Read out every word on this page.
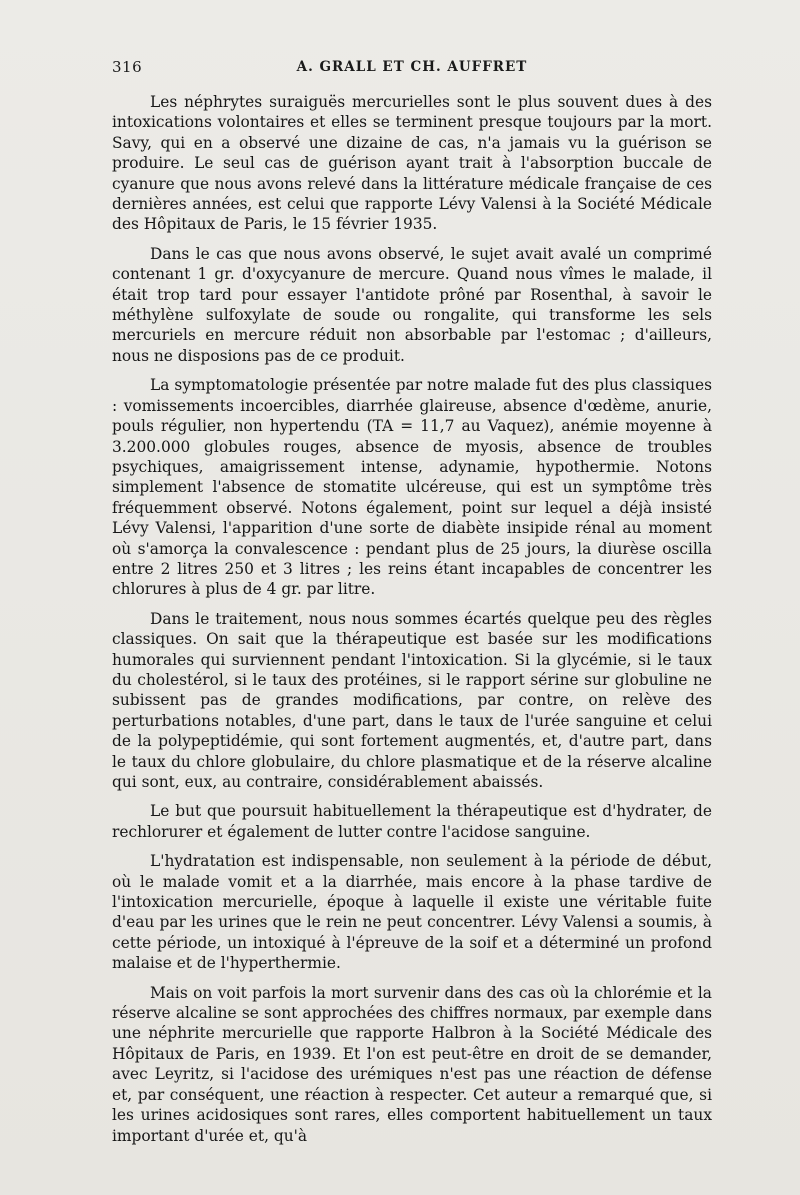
316	A. GRALL ET CH. AUFFRET

Les néphrytes suraiguës mercurielles sont le plus souvent dues à des intoxications volontaires et elles se terminent presque toujours par la mort. Savy, qui en a observé une dizaine de cas, n'a jamais vu la guérison se produire. Le seul cas de guérison ayant trait à l'absorption buccale de cyanure que nous avons relevé dans la littérature médicale française de ces dernières années, est celui que rapporte Lévy Valensi à la Société Médicale des Hôpitaux de Paris, le 15 février 1935.

Dans le cas que nous avons observé, le sujet avait avalé un comprimé contenant 1 gr. d'oxycyanure de mercure. Quand nous vîmes le malade, il était trop tard pour essayer l'antidote prôné par Rosenthal, à savoir le méthylène sulfoxylate de soude ou rongalite, qui transforme les sels mercuriels en mercure réduit non absorbable par l'estomac ; d'ailleurs, nous ne disposions pas de ce produit.

La symptomatologie présentée par notre malade fut des plus classiques : vomissements incoercibles, diarrhée glaireuse, absence d'œdème, anurie, pouls régulier, non hypertendu (TA = 11,7 au Vaquez), anémie moyenne à 3.200.000 globules rouges, absence de myosis, absence de troubles psychiques, amaigrissement intense, adynamie, hypothermie. Notons simplement l'absence de stomatite ulcéreuse, qui est un symptôme très fréquemment observé. Notons également, point sur lequel a déjà insisté Lévy Valensi, l'apparition d'une sorte de diabète insipide rénal au moment où s'amorça la convalescence : pendant plus de 25 jours, la diurèse oscilla entre 2 litres 250 et 3 litres ; les reins étant incapables de concentrer les chlorures à plus de 4 gr. par litre.

Dans le traitement, nous nous sommes écartés quelque peu des règles classiques. On sait que la thérapeutique est basée sur les modifications humorales qui surviennent pendant l'intoxication. Si la glycémie, si le taux du cholestérol, si le taux des protéines, si le rapport sérine sur globuline ne subissent pas de grandes modifications, par contre, on relève des perturbations notables, d'une part, dans le taux de l'urée sanguine et celui de la polypeptidémie, qui sont fortement augmentés, et, d'autre part, dans le taux du chlore globulaire, du chlore plasmatique et de la réserve alcaline qui sont, eux, au contraire, considérablement abaissés.

Le but que poursuit habituellement la thérapeutique est d'hydrater, de rechlorurer et également de lutter contre l'acidose sanguine.

L'hydratation est indispensable, non seulement à la période de début, où le malade vomit et a la diarrhée, mais encore à la phase tardive de l'intoxication mercurielle, époque à laquelle il existe une véritable fuite d'eau par les urines que le rein ne peut concentrer. Lévy Valensi a soumis, à cette période, un intoxiqué à l'épreuve de la soif et a déterminé un profond malaise et de l'hyperthermie.

Mais on voit parfois la mort survenir dans des cas où la chlorémie et la réserve alcaline se sont approchées des chiffres normaux, par exemple dans une néphrite mercurielle que rapporte Halbron à la Société Médicale des Hôpitaux de Paris, en 1939. Et l'on est peut-être en droit de se demander, avec Leyritz, si l'acidose des urémiques n'est pas une réaction de défense et, par conséquent, une réaction à respecter. Cet auteur a remarqué que, si les urines acidosiques sont rares, elles comportent habituellement un taux important d'urée et, qu'à
